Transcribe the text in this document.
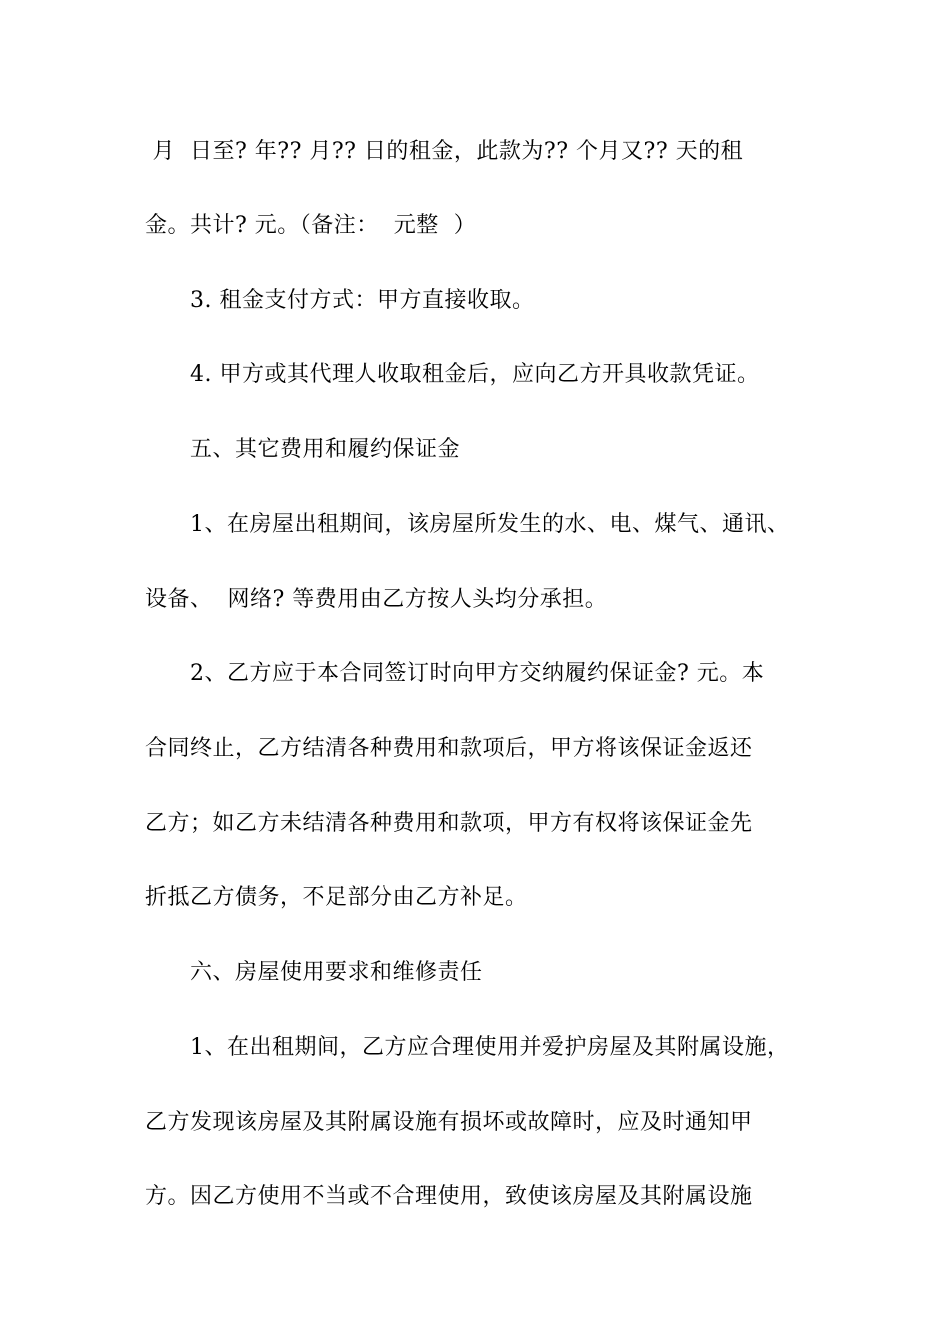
月  日至? 年?? 月?? 日的租金，此款为?? 个月又?? 天的租
金。共计? 元。（备注：  元整  ）
3. 租金支付方式：甲方直接收取。
4. 甲方或其代理人收取租金后，应向乙方开具收款凭证。
五、其它费用和履约保证金
1、在房屋出租期间，该房屋所发生的水、电、煤气、通讯、
设备、  网络? 等费用由乙方按人头均分承担。
2、乙方应于本合同签订时向甲方交纳履约保证金? 元。本
合同终止，乙方结清各种费用和款项后，甲方将该保证金返还
乙方；如乙方未结清各种费用和款项，甲方有权将该保证金先
折抵乙方债务，不足部分由乙方补足。
六、房屋使用要求和维修责任
1、在出租期间，乙方应合理使用并爱护房屋及其附属设施，
乙方发现该房屋及其附属设施有损坏或故障时，应及时通知甲
方。因乙方使用不当或不合理使用，致使该房屋及其附属设施
